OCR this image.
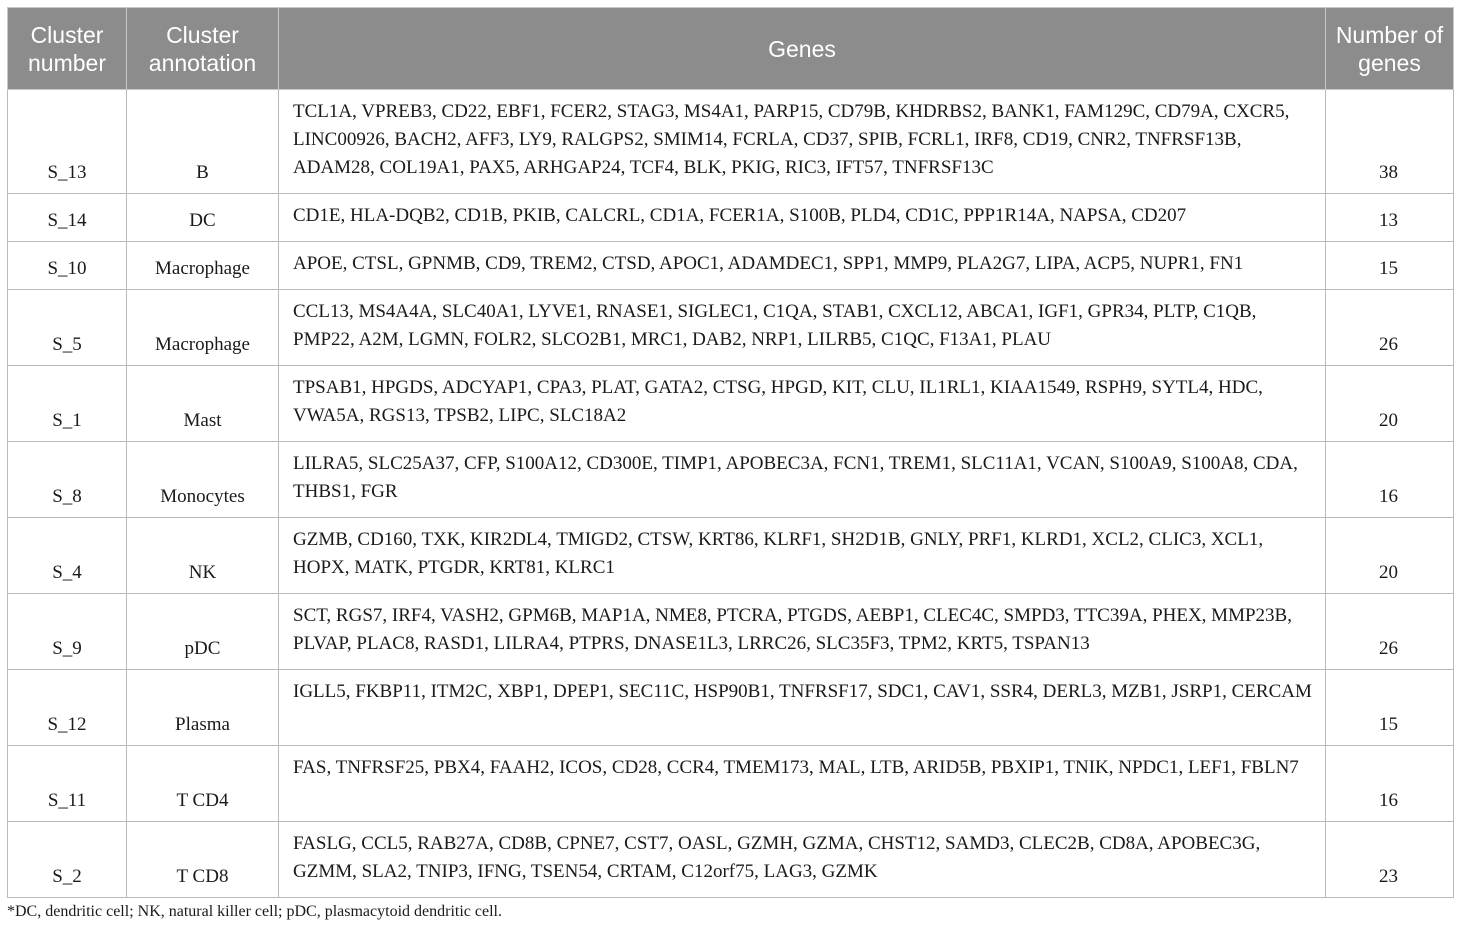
Cluster number	Cluster annotation	Genes	Number of genes
S_13	B	TCL1A, VPREB3, CD22, EBF1, FCER2, STAG3, MS4A1, PARP15, CD79B, KHDRBS2, BANK1, FAM129C, CD79A, CXCR5, LINC00926, BACH2, AFF3, LY9, RALGPS2, SMIM14, FCRLA, CD37, SPIB, FCRL1, IRF8, CD19, CNR2, TNFRSF13B, ADAM28, COL19A1, PAX5, ARHGAP24, TCF4, BLK, PKIG, RIC3, IFT57, TNFRSF13C	38
S_14	DC	CD1E, HLA-DQB2, CD1B, PKIB, CALCRL, CD1A, FCER1A, S100B, PLD4, CD1C, PPP1R14A, NAPSA, CD207	13
S_10	Macrophage	APOE, CTSL, GPNMB, CD9, TREM2, CTSD, APOC1, ADAMDEC1, SPP1, MMP9, PLA2G7, LIPA, ACP5, NUPR1, FN1	15
S_5	Macrophage	CCL13, MS4A4A, SLC40A1, LYVE1, RNASE1, SIGLEC1, C1QA, STAB1, CXCL12, ABCA1, IGF1, GPR34, PLTP, C1QB, PMP22, A2M, LGMN, FOLR2, SLCO2B1, MRC1, DAB2, NRP1, LILRB5, C1QC, F13A1, PLAU	26
S_1	Mast	TPSAB1, HPGDS, ADCYAP1, CPA3, PLAT, GATA2, CTSG, HPGD, KIT, CLU, IL1RL1, KIAA1549, RSPH9, SYTL4, HDC, VWA5A, RGS13, TPSB2, LIPC, SLC18A2	20
S_8	Monocytes	LILRA5, SLC25A37, CFP, S100A12, CD300E, TIMP1, APOBEC3A, FCN1, TREM1, SLC11A1, VCAN, S100A9, S100A8, CDA, THBS1, FGR	16
S_4	NK	GZMB, CD160, TXK, KIR2DL4, TMIGD2, CTSW, KRT86, KLRF1, SH2D1B, GNLY, PRF1, KLRD1, XCL2, CLIC3, XCL1, HOPX, MATK, PTGDR, KRT81, KLRC1	20
S_9	pDC	SCT, RGS7, IRF4, VASH2, GPM6B, MAP1A, NME8, PTCRA, PTGDS, AEBP1, CLEC4C, SMPD3, TTC39A, PHEX, MMP23B, PLVAP, PLAC8, RASD1, LILRA4, PTPRS, DNASE1L3, LRRC26, SLC35F3, TPM2, KRT5, TSPAN13	26
S_12	Plasma	IGLL5, FKBP11, ITM2C, XBP1, DPEP1, SEC11C, HSP90B1, TNFRSF17, SDC1, CAV1, SSR4, DERL3, MZB1, JSRP1, CERCAM	15
S_11	T CD4	FAS, TNFRSF25, PBX4, FAAH2, ICOS, CD28, CCR4, TMEM173, MAL, LTB, ARID5B, PBXIP1, TNIK, NPDC1, LEF1, FBLN7	16
S_2	T CD8	FASLG, CCL5, RAB27A, CD8B, CPNE7, CST7, OASL, GZMH, GZMA, CHST12, SAMD3, CLEC2B, CD8A, APOBEC3G, GZMM, SLA2, TNIP3, IFNG, TSEN54, CRTAM, C12orf75, LAG3, GZMK	23
*DC, dendritic cell; NK, natural killer cell; pDC, plasmacytoid dendritic cell.
